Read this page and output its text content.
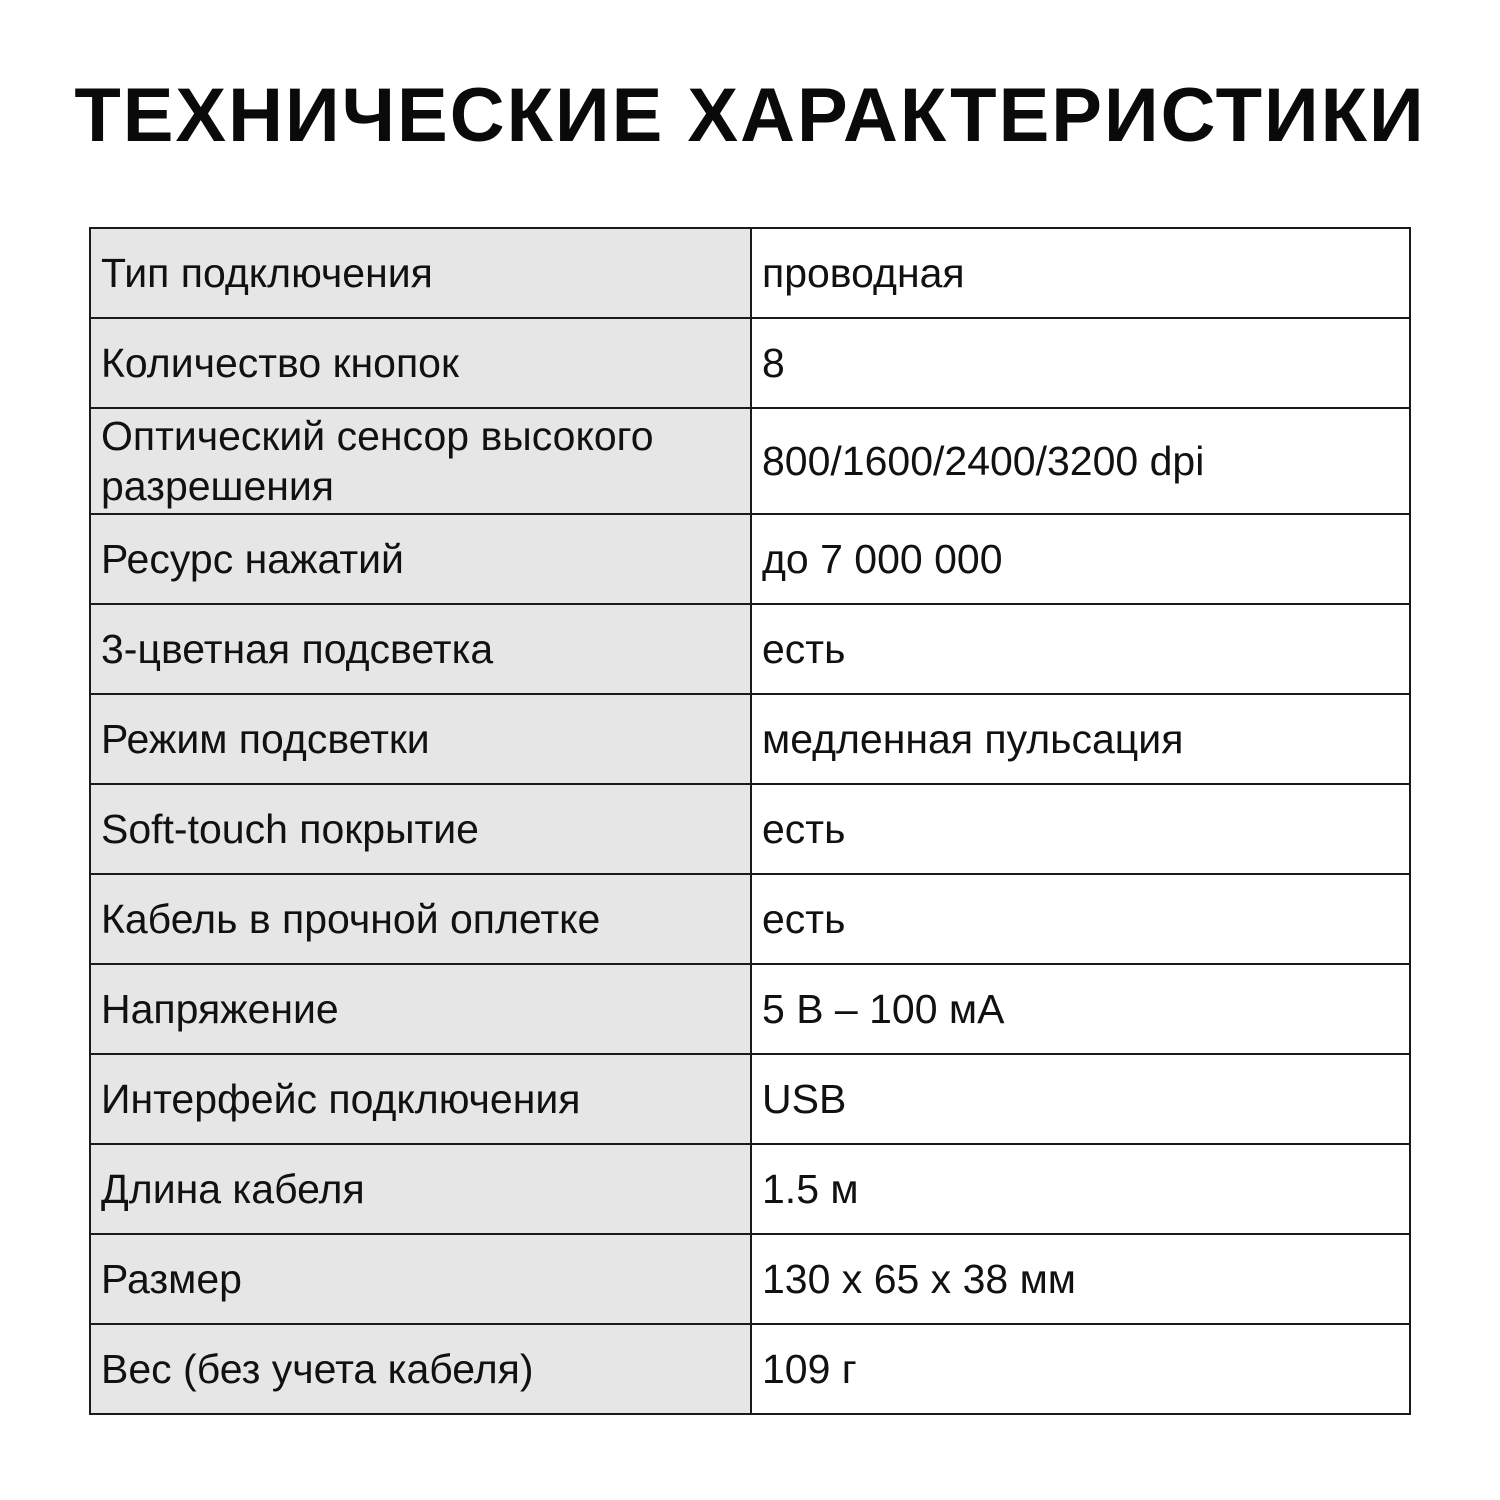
ТЕХНИЧЕСКИЕ ХАРАКТЕРИСТИКИ
Тип подключения	проводная
Количество кнопок	8
Оптический сенсор высокого разрешения	800/1600/2400/3200 dpi
Ресурс нажатий	до 7 000 000
3-цветная подсветка	есть
Режим подсветки	медленная пульсация
Soft-touch покрытие	есть
Кабель в прочной оплетке	есть
Напряжение	5 В – 100 мА
Интерфейс подключения	USB
Длина кабеля	1.5 м
Размер	130 x 65 x 38 мм
Вес (без учета кабеля)	109 г
